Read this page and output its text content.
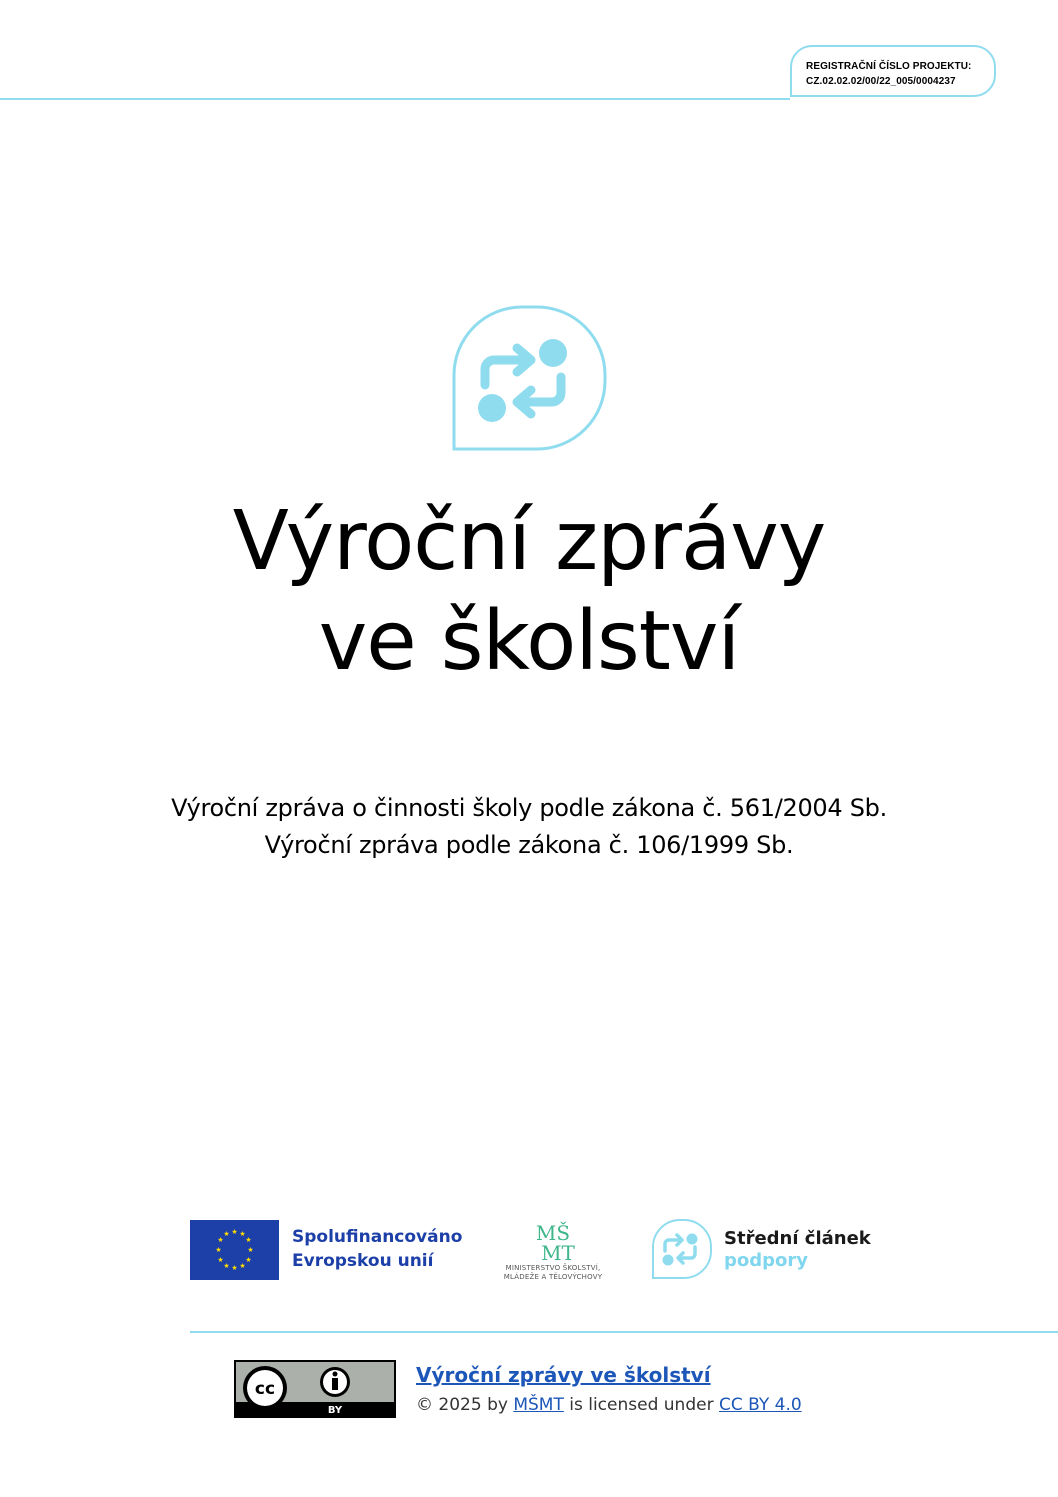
REGISTRAČNÍ ČÍSLO PROJEKTU:
CZ.02.02.02/00/22_005/0004237
Výroční zprávy
ve školství
Výroční zpráva o činnosti školy podle zákona č. 561/2004 Sb.
Výroční zpráva podle zákona č. 106/1999 Sb.
★ ★
★
★
★
★
★
★
★
★
★
★	Spolufinancováno
Evropskou unií
MŠ
MT
MINISTERSTVO ŠKOLSTVÍ,
MLÁDEŽE A TĚLOVÝCHOVY
Střední článek
podpory
cc
BY
Výroční zprávy ve školství
© 2025 by MŠMT is licensed under CC BY 4.0
